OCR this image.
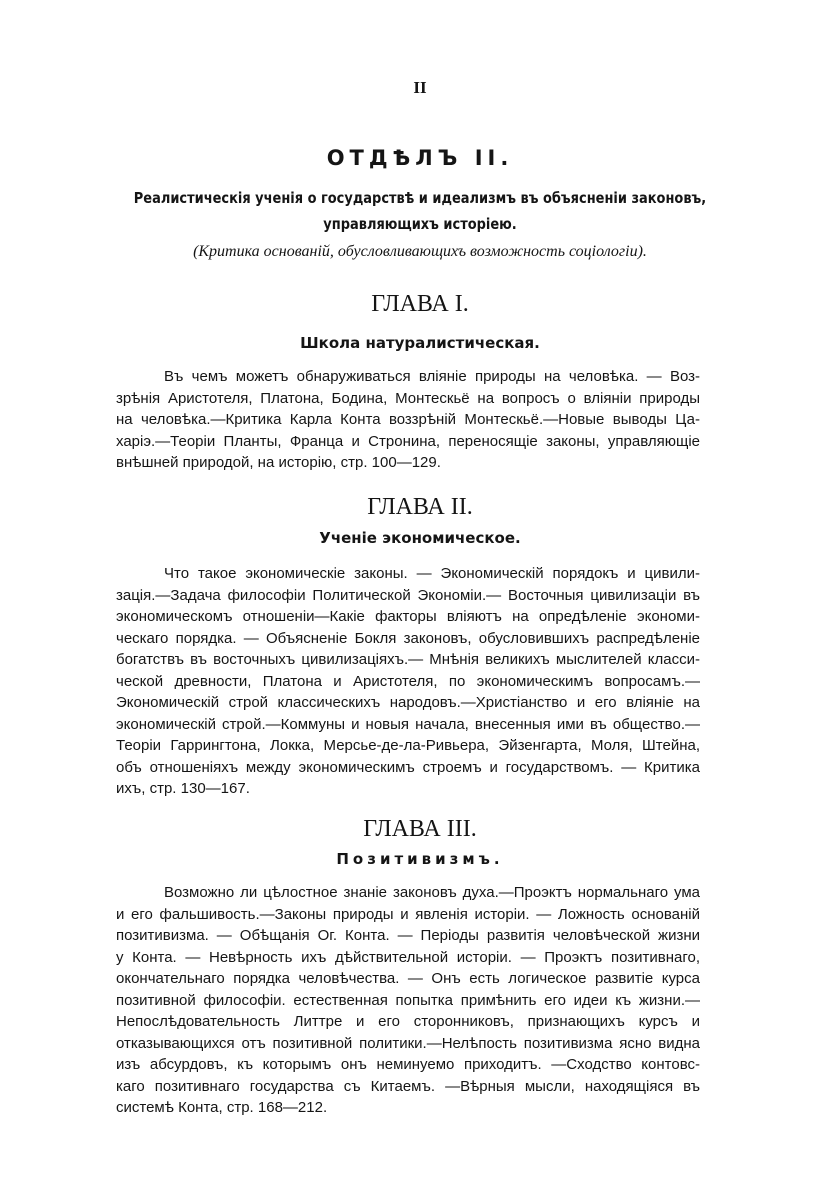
II
ОТДѢЛЪ II.
Реалистическія ученія о государствѣ и идеализмъ въ объясненіи законовъ,
управляющихъ исторіею.
(Критика основаній, обусловливающихъ возможность соціологіи).
ГЛАВА I.
Школа натуралистическая.
Въ чемъ можетъ обнаруживаться вліяніе природы на человѣка. — Воз-
зрѣнія Аристотеля, Платона, Бодина, Монтескьё на вопросъ о вліяніи природы
на человѣка.—Критика Карла Конта воззрѣній Монтескьё.—Новые выводы Ца-
харіэ.—Теоріи Планты, Франца и Стронина, переносящіе законы, управляющіе
внѣшней природой, на исторію, стр. 100—129.
ГЛАВА II.
Ученіе экономическое.
Что такое экономическіе законы. — Экономическій порядокъ и цивили-
зація.—Задача философіи Политической Экономіи.— Восточныя цивилизаціи въ
экономическомъ отношеніи—Какіе факторы вліяютъ на опредѣленіе экономи-
ческаго порядка. — Объясненіе Бокля законовъ, обусловившихъ распредѣленіе
богатствъ въ восточныхъ цивилизаціяхъ.— Мнѣнія великихъ мыслителей класси-
ческой древности, Платона и Аристотеля, по экономическимъ вопросамъ.—
Экономическій строй классическихъ народовъ.—Христіанство и его вліяніе на
экономическій строй.—Коммуны и новыя начала, внесенныя ими въ общество.—
Теоріи Гаррингтона, Локка, Мерсье-де-ла-Ривьера, Эйзенгарта, Моля, Штейна,
объ отношеніяхъ между экономическимъ строемъ и государствомъ. — Критика
ихъ, стр. 130—167.
ГЛАВА III.
Позитивизмъ.
Возможно ли цѣлостное знаніе законовъ духа.—Проэктъ нормальнаго ума
и его фальшивость.—Законы природы и явленія исторіи. — Ложность основаній
позитивизма. — Обѣщанія Ог. Конта. — Періоды развитія человѣческой жизни
у Конта. — Невѣрность ихъ дѣйствительной исторіи. — Проэктъ позитивнаго,
окончательнаго порядка человѣчества. — Онъ есть логическое развитіе курса
позитивной философіи. естественная попытка примѣнить его идеи къ жизни.—
Непослѣдовательность Литтре и его сторонниковъ, признающихъ курсъ и
отказывающихся отъ позитивной политики.—Нелѣпость позитивизма ясно видна
изъ абсурдовъ, къ которымъ онъ неминуемо приходитъ. —Сходство контовс-
каго позитивнаго государства съ Китаемъ. —Вѣрныя мысли, находящіяся въ
системѣ Конта, стр. 168—212.
